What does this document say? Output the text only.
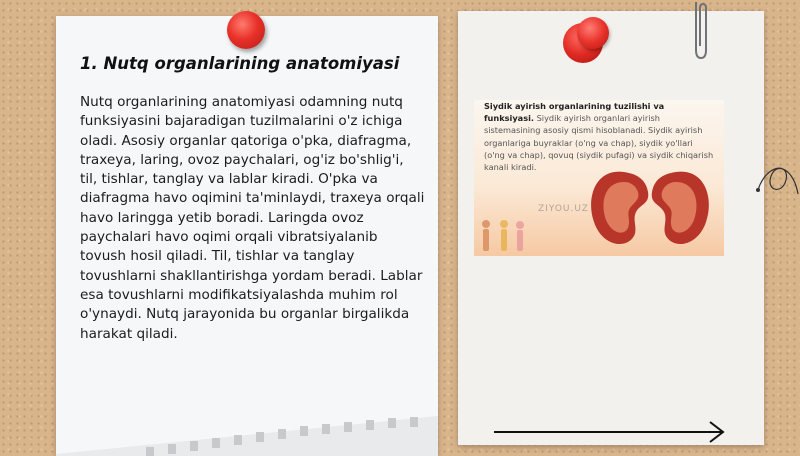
1. Nutq organlarining anatomiyasi

Nutq organlarining anatomiyasi odamning nutq funksiyasini bajaradigan tuzilmalarini o'z ichiga oladi. Asosiy organlar qatoriga o'pka, diafragma, traxeya, laring, ovoz paychalari, og'iz bo'shlig'i, til, tishlar, tanglay va lablar kiradi. O'pka va diafragma havo oqimini ta'minlaydi, traxeya orqali havo laringga yetib boradi. Laringda ovoz paychalari havo oqimi orqali vibratsiyalanib tovush hosil qiladi. Til, tishlar va tanglay tovushlarni shakllantirishga yordam beradi. Lablar esa tovushlarni modifikatsiyalashda muhim rol o'ynaydi. Nutq jarayonida bu organlar birgalikda harakat qiladi.

Siydik ayirish organlarining tuzilishi va funksiyasi. Siydik ayirish organlari ayirish sistemasining asosiy qismi hisoblanadi. Siydik ayirish organlariga buyraklar (o'ng va chap), siydik yo'llari (o'ng va chap), qovuq (siydik pufagi) va siydik chiqarish kanali kiradi.

ZIYOU.UZ
